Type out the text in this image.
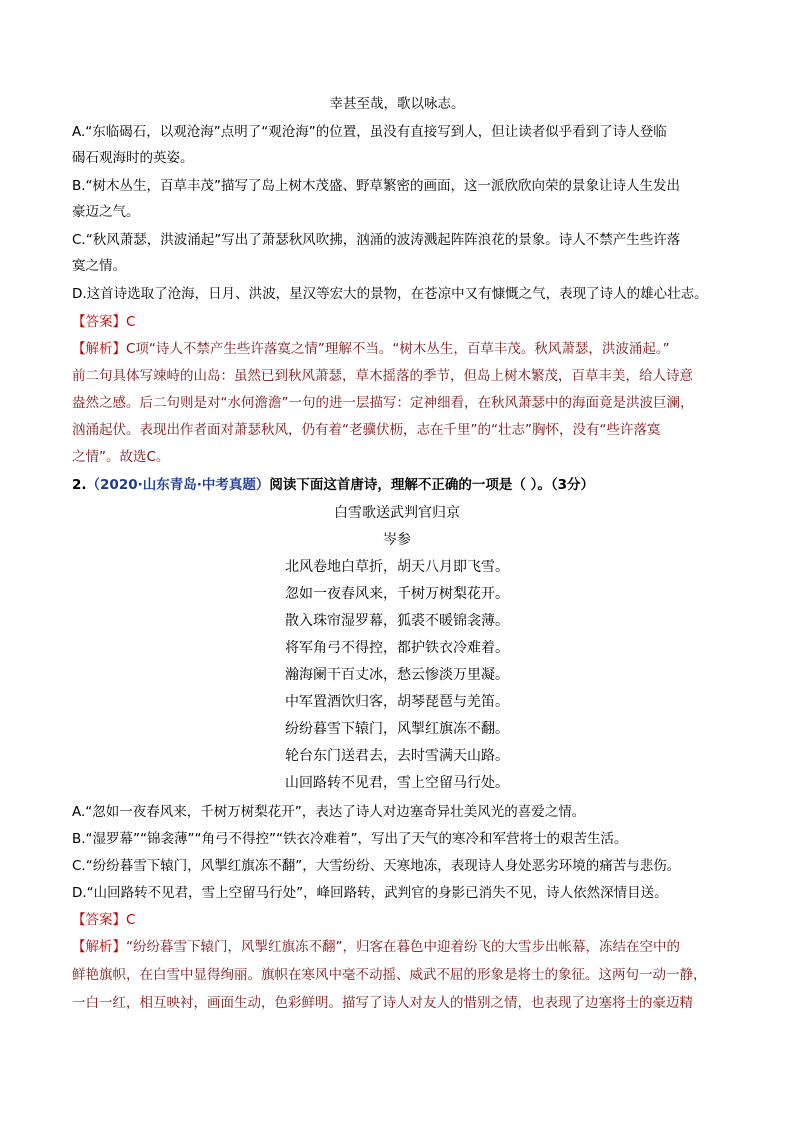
幸甚至哉，歌以咏志。
A.“东临碣石，以观沧海”点明了“观沧海”的位置，虽没有直接写到人，但让读者似乎看到了诗人登临
碣石观海时的英姿。
B.“树木丛生，百草丰茂”描写了岛上树木茂盛、野草繁密的画面，这一派欣欣向荣的景象让诗人生发出
豪迈之气。
C.“秋风萧瑟，洪波涌起”写出了萧瑟秋风吹拂，汹涌的波涛溅起阵阵浪花的景象。诗人不禁产生些许落
寞之情。
D.这首诗选取了沧海，日月、洪波，星汉等宏大的景物，在苍凉中又有慷慨之气，表现了诗人的雄心壮志。
【答案】C
【解析】C项“诗人不禁产生些许落寞之情”理解不当。“树木丛生，百草丰茂。秋风萧瑟，洪波涌起。”
前二句具体写竦峙的山岛：虽然已到秋风萧瑟，草木摇落的季节，但岛上树木繁茂，百草丰美，给人诗意
盎然之感。后二句则是对“水何澹澹”一句的进一层描写：定神细看，在秋风萧瑟中的海面竟是洪波巨澜，
汹涌起伏。表现出作者面对萧瑟秋风，仍有着“老骥伏枥，志在千里”的“壮志”胸怀，没有“些许落寞
之情”。故选C。
2.（2020·山东青岛·中考真题）阅读下面这首唐诗，理解不正确的一项是（ ）。（3分）
白雪歌送武判官归京
岑参
北风卷地白草折，胡天八月即飞雪。
忽如一夜春风来，千树万树梨花开。
散入珠帘湿罗幕，狐裘不暖锦衾薄。
将军角弓不得控，都护铁衣冷难着。
瀚海阑干百丈冰，愁云惨淡万里凝。
中军置酒饮归客，胡琴琵琶与羌笛。
纷纷暮雪下辕门，风掣红旗冻不翻。
轮台东门送君去，去时雪满天山路。
山回路转不见君，雪上空留马行处。
A.“忽如一夜春风来，千树万树梨花开”，表达了诗人对边塞奇异壮美风光的喜爱之情。
B.“湿罗幕”“锦衾薄”“角弓不得控”“铁衣冷难着”，写出了天气的寒冷和军营将士的艰苦生活。
C.“纷纷暮雪下辕门，风掣红旗冻不翻”，大雪纷纷、天寒地冻，表现诗人身处恶劣环境的痛苦与悲伤。
D.“山回路转不见君，雪上空留马行处”，峰回路转，武判官的身影已消失不见，诗人依然深情目送。
【答案】C
【解析】“纷纷暮雪下辕门，风掣红旗冻不翻”，归客在暮色中迎着纷飞的大雪步出帐幕，冻结在空中的
鲜艳旗帜，在白雪中显得绚丽。旗帜在寒风中毫不动摇、威武不屈的形象是将士的象征。这两句一动一静，
一白一红，相互映衬，画面生动，色彩鲜明。描写了诗人对友人的惜别之情，也表现了边塞将士的豪迈精
